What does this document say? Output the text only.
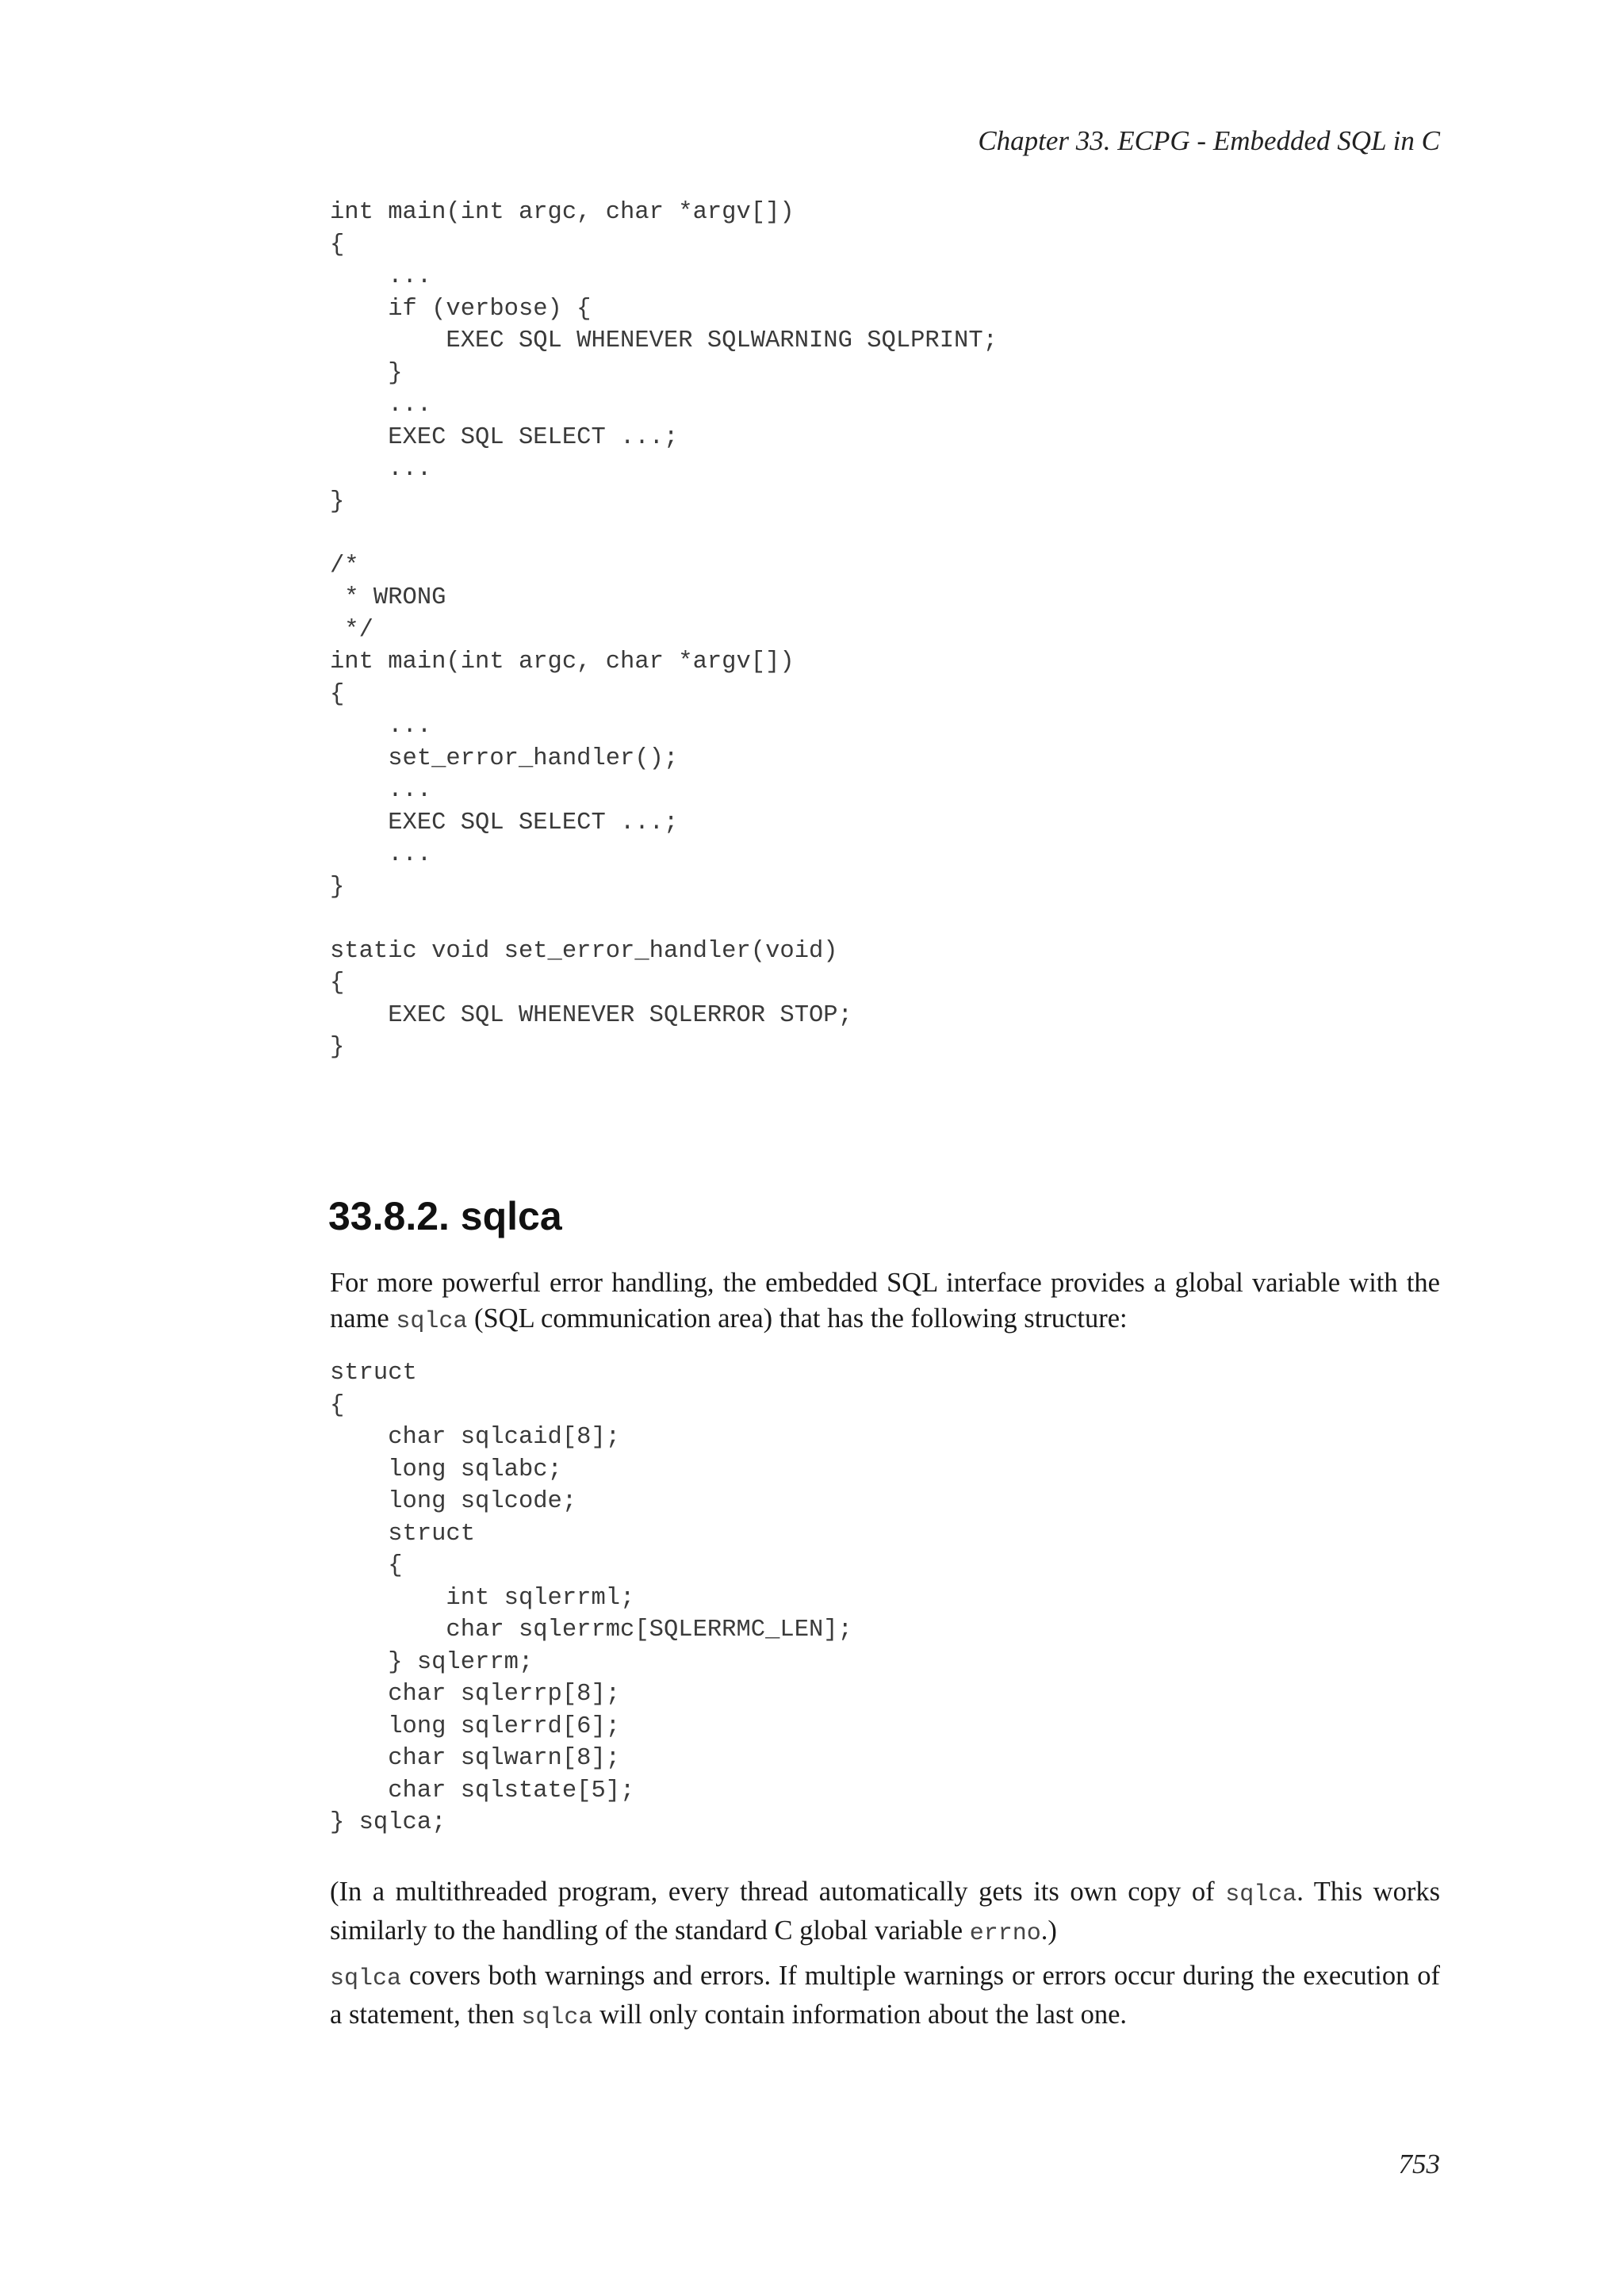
Chapter 33. ECPG - Embedded SQL in C
int main(int argc, char *argv[])
{
...
if (verbose) {
EXEC SQL WHENEVER SQLWARNING SQLPRINT;
}
...
EXEC SQL SELECT ...;
...
}

/*
* WRONG
*/
int main(int argc, char *argv[])
{
...
set_error_handler();
...
EXEC SQL SELECT ...;
...
}

static void set_error_handler(void)
{
EXEC SQL WHENEVER SQLERROR STOP;
}
33.8.2. sqlca

For more powerful error handling, the embedded SQL interface provides a global variable with the name sqlca (SQL communication area) that has the following structure:

struct
{
char sqlcaid[8];
long sqlabc;
long sqlcode;
struct
{
int sqlerrml;
char sqlerrmc[SQLERRMC_LEN];
} sqlerrm;
char sqlerrp[8];
long sqlerrd[6];
char sqlwarn[8];
char sqlstate[5];
} sqlca;

(In a multithreaded program, every thread automatically gets its own copy of sqlca. This works similarly to the handling of the standard C global variable errno.)

sqlca covers both warnings and errors. If multiple warnings or errors occur during the execution of a statement, then sqlca will only contain information about the last one.

753
